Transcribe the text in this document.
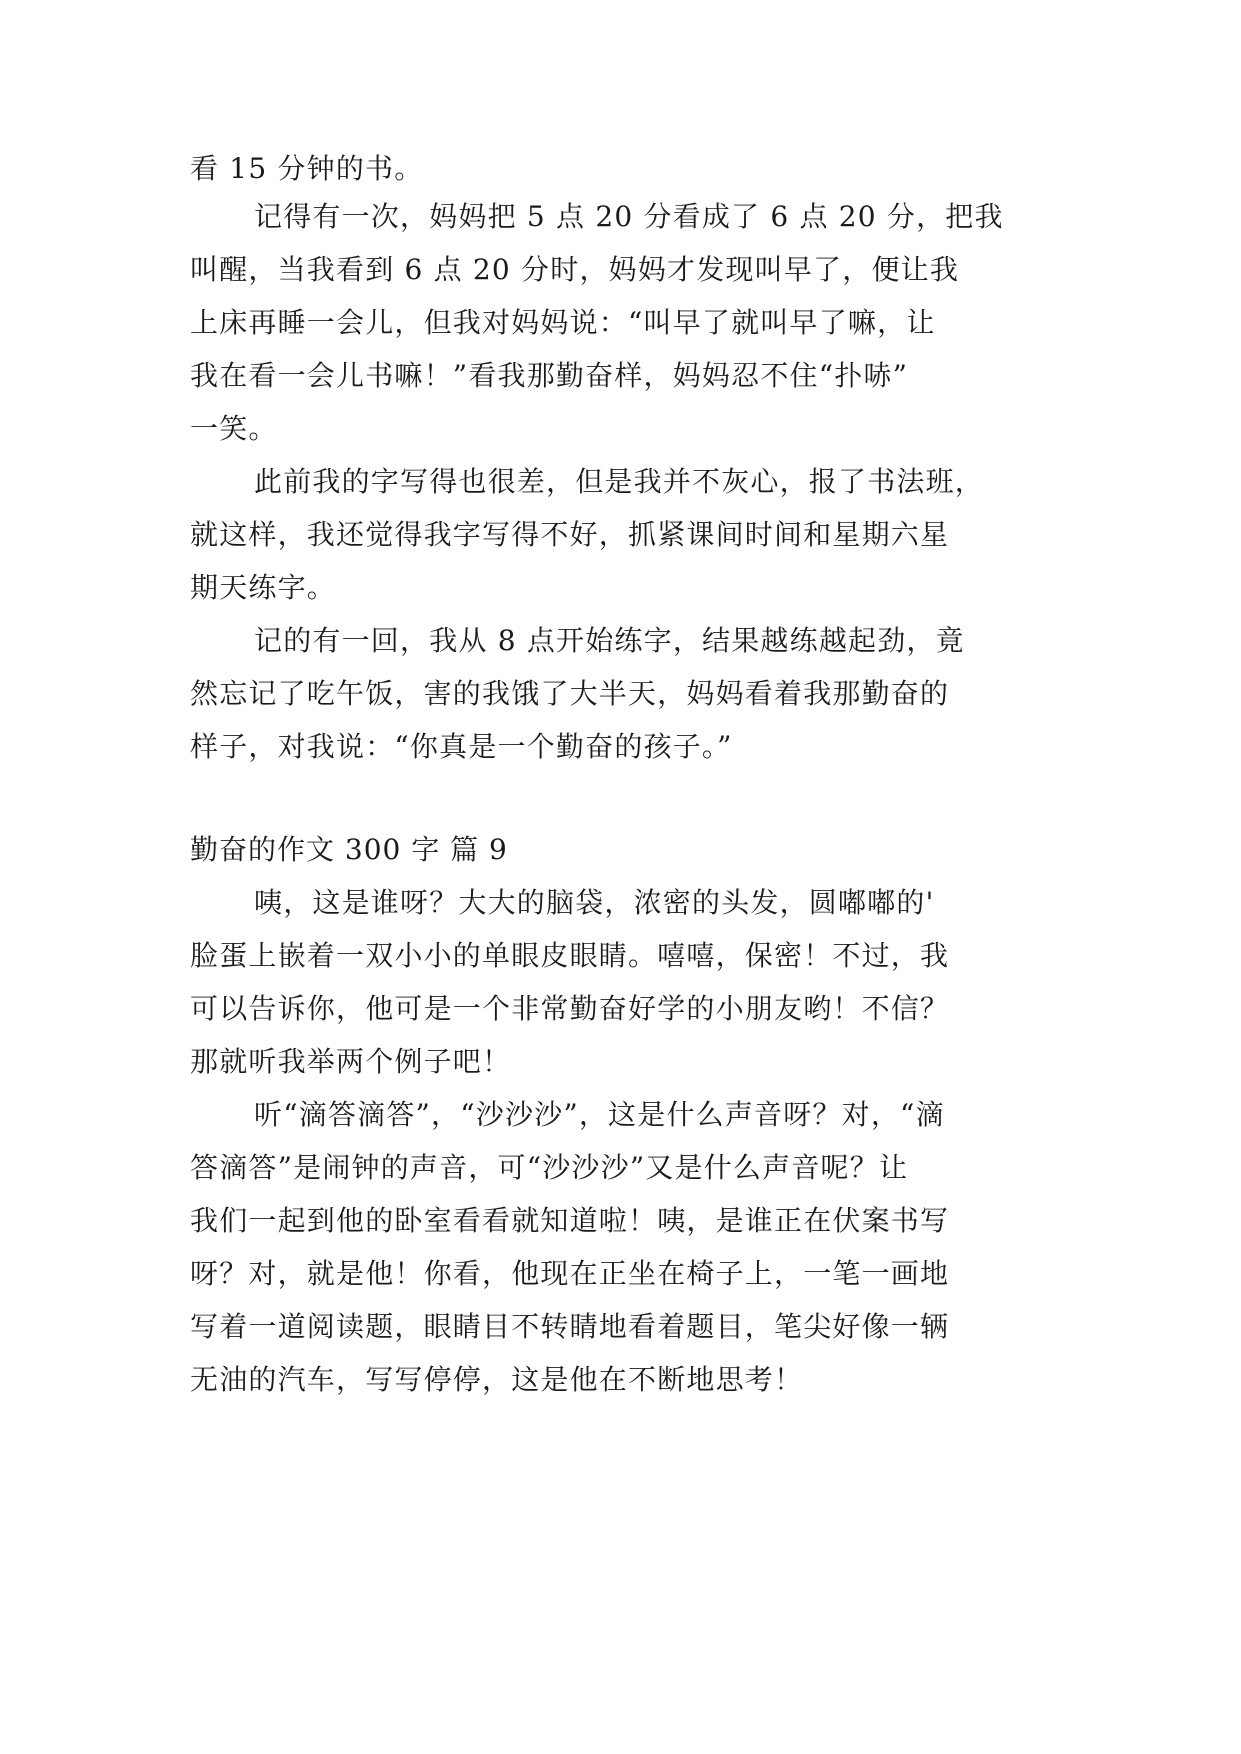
看 15 分钟的书。
记得有一次，妈妈把 5 点 20 分看成了 6 点 20 分，把我
叫醒，当我看到 6 点 20 分时，妈妈才发现叫早了，便让我
上床再睡一会儿，但我对妈妈说：“叫早了就叫早了嘛，让
我在看一会儿书嘛！”看我那勤奋样，妈妈忍不住“扑哧”
一笑。
此前我的字写得也很差，但是我并不灰心，报了书法班，
就这样，我还觉得我字写得不好，抓紧课间时间和星期六星
期天练字。
记的有一回，我从 8 点开始练字，结果越练越起劲，竟
然忘记了吃午饭，害的我饿了大半天，妈妈看着我那勤奋的
样子，对我说：“你真是一个勤奋的孩子。”
勤奋的作文 300 字 篇 9
咦，这是谁呀？大大的脑袋，浓密的头发，圆嘟嘟的'
脸蛋上嵌着一双小小的单眼皮眼睛。嘻嘻，保密！不过，我
可以告诉你，他可是一个非常勤奋好学的小朋友哟！不信？
那就听我举两个例子吧！
听“滴答滴答”，“沙沙沙”，这是什么声音呀？对，“滴
答滴答”是闹钟的声音，可“沙沙沙”又是什么声音呢？让
我们一起到他的卧室看看就知道啦！咦，是谁正在伏案书写
呀？对，就是他！你看，他现在正坐在椅子上，一笔一画地
写着一道阅读题，眼睛目不转睛地看着题目，笔尖好像一辆
无油的汽车，写写停停，这是他在不断地思考！
